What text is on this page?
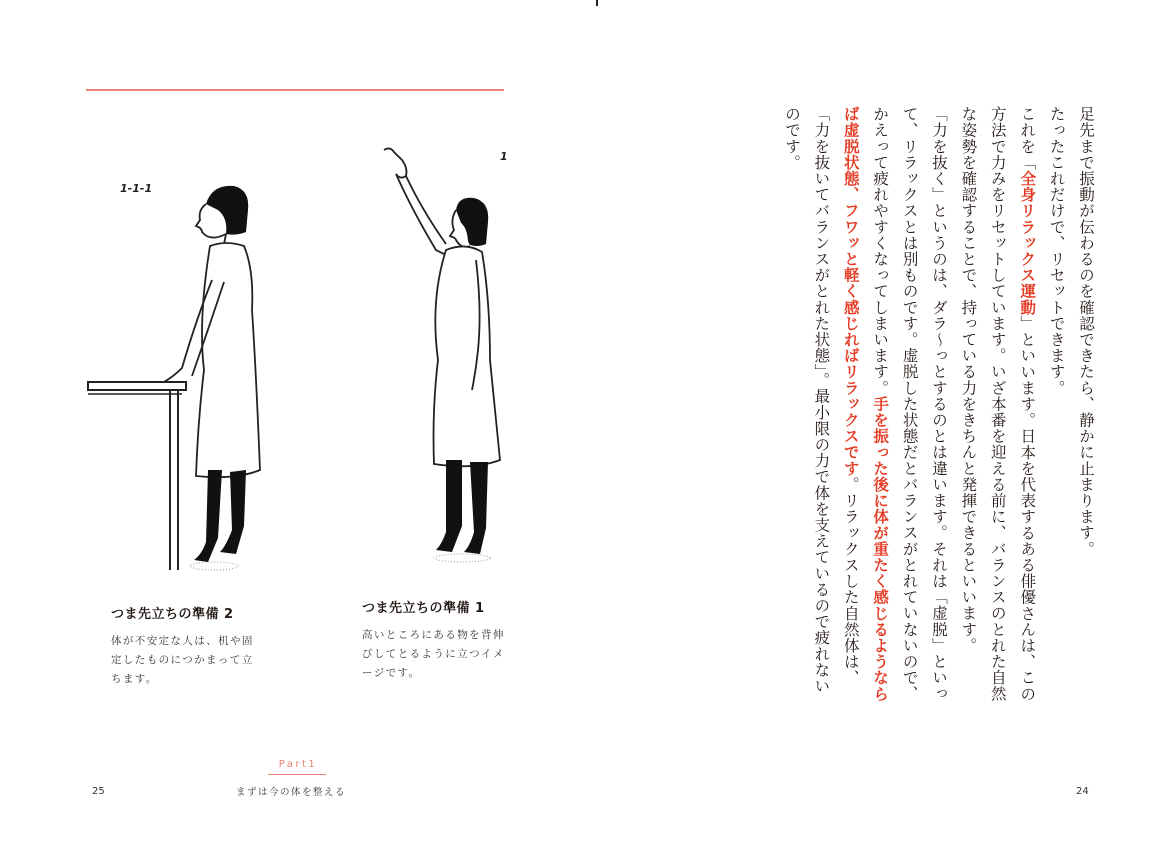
1-1-1
1

つま先立ちの準備 2

体が不安定な人は、机や固定したものにつかまって立ちます。

つま先立ちの準備 1

高いところにある物を背伸びしてとるように立つイメージです。

Part1
まずは今の体を整える
25

足先まで振動が伝わるのを確認できたら、静かに止まります。

たったこれだけで、リセットできます。

これを「全身リラックス運動」といいます。日本を代表するある俳優さんは、この方法で力みをリセットしています。いざ本番を迎える前に、バランスのとれた自然な姿勢を確認することで、持っている力をきちんと発揮できるといいます。

「力を抜く」というのは、ダラ〜っとするのとは違います。それは「虚脱」といって、リラックスとは別ものです。虚脱した状態だとバランスがとれていないので、かえって疲れやすくなってしまいます。手を振った後に体が重たく感じるようならば虚脱状態、フワッと軽く感じればリラックスです。リラックスした自然体は、「力を抜いてバランスがとれた状態」。最小限の力で体を支えているので疲れないのです。

24
